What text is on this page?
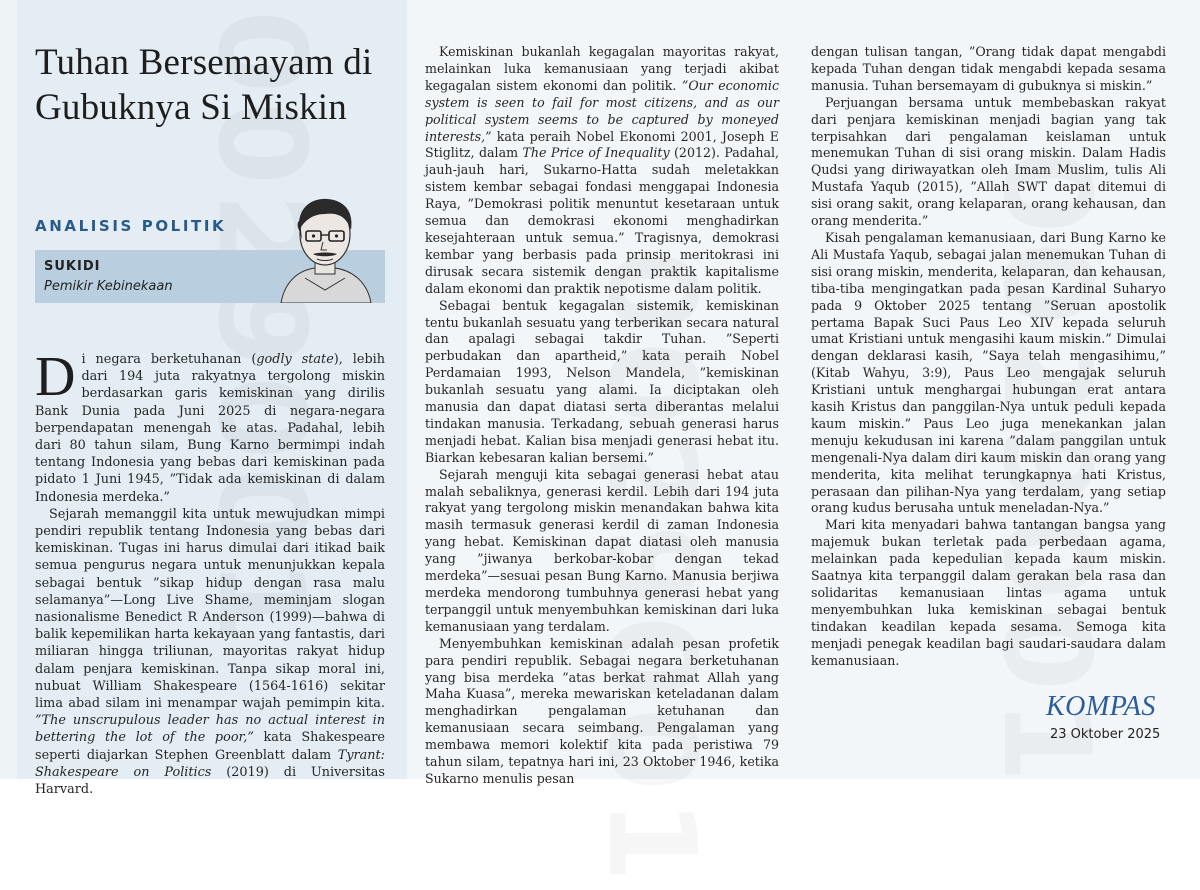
Tuhan Bersemayam di Gubuknya Si Miskin
ANALISIS POLITIK
SUKIDI
Pemikir Kebinekaan

Di negara berketuhanan (godly state), lebih dari 194 juta rakyatnya tergolong miskin berdasarkan garis kemiskinan yang dirilis Bank Dunia pada Juni 2025 di negara-negara berpendapatan menengah ke atas. Padahal, lebih dari 80 tahun silam, Bung Karno bermimpi indah tentang Indonesia yang bebas dari kemiskinan pada pidato 1 Juni 1945, ”Tidak ada kemiskinan di dalam Indonesia merdeka.”

Sejarah memanggil kita untuk mewujudkan mimpi pendiri republik tentang Indonesia yang bebas dari kemiskinan. Tugas ini harus dimulai dari itikad baik semua pengurus negara untuk menunjukkan kepala sebagai bentuk ”sikap hidup dengan rasa malu selamanya”—Long Live Shame, meminjam slogan nasionalisme Benedict R Anderson (1999)—bahwa di balik kepemilikan harta kekayaan yang fantastis, dari miliaran hingga triliunan, mayoritas rakyat hidup dalam penjara kemiskinan. Tanpa sikap moral ini, nubuat William Shakespeare (1564-1616) sekitar lima abad silam ini menampar wajah pemimpin kita. ”The unscrupulous leader has no actual interest in bettering the lot of the poor,” kata Shakespeare seperti diajarkan Stephen Greenblatt dalam Tyrant: Shakespeare on Politics (2019) di Universitas Harvard.

Kemiskinan bukanlah kegagalan mayoritas rakyat, melainkan luka kemanusiaan yang terjadi akibat kegagalan sistem ekonomi dan politik. ”Our economic system is seen to fail for most citizens, and as our political system seems to be captured by moneyed interests,” kata perai̇h Nobel Ekonomi 2001, Joseph E Stiglitz, dalam The Price of Inequality (2012). Padahal, jauh-jauh hari, Sukarno-Hatta sudah meletakkan sistem kembar sebagai fondasi menggapai Indonesia Raya, ”Demokrasi politik menuntut kesetaraan untuk semua dan demokrasi ekonomi menghadirkan kesejahteraan untuk semua.” Tragisnya, demokrasi kembar yang berbasis pada prinsip meritokrasi ini dirusak secara sistemik dengan praktik kapitalisme dalam ekonomi dan praktik nepotisme dalam politik.

Sebagai bentuk kegagalan sistemik, kemiskinan tentu bukanlah sesuatu yang terberikan secara natural dan apalagi sebagai takdir Tuhan. ”Seperti perbudakan dan apartheid,” kata peraih Nobel Perdamaian 1993, Nelson Mandela, ”kemiskinan bukanlah sesuatu yang alami. Ia diciptakan oleh manusia dan dapat diatasi serta diberantas melalui tindakan manusia. Terkadang, sebuah generasi harus menjadi hebat. Kalian bisa menjadi generasi hebat itu. Biarkan kebesaran kalian bersemi.”

Sejarah menguji kita sebagai generasi hebat atau malah sebaliknya, generasi kerdil. Lebih dari 194 juta rakyat yang tergolong miskin menandakan bahwa kita masih termasuk generasi kerdil di zaman Indonesia yang hebat. Kemiskinan dapat diatasi oleh manusia yang ”jiwanya berkobar-kobar dengan tekad merdeka”—sesuai pesan Bung Karno. Manusia berjiwa merdeka mendorong tumbuhnya generasi hebat yang terpanggil untuk menyembuhkan kemiskinan dari luka kemanusiaan yang terdalam.

Menyembuhkan kemiskinan adalah pesan profetik para pendiri republik. Sebagai negara berketuhanan yang bisa merdeka ”atas berkat rahmat Allah yang Maha Kuasa”, mereka mewariskan keteladanan dalam menghadirkan pengalaman ketuhanan dan kemanusiaan secara seimbang. Pengalaman yang membawa memori kolektif kita pada peristiwa 79 tahun silam, tepatnya hari ini, 23 Oktober 1946, ketika Sukarno menulis pesan

dengan tulisan tangan, ”Orang tidak dapat mengabdi kepada Tuhan dengan tidak mengabdi kepada sesama manusia. Tuhan bersemayam di gubuknya si miskin.”

Perjuangan bersama untuk membebaskan rakyat dari penjara kemiskinan menjadi bagian yang tak terpisahkan dari pengalaman keislaman untuk menemukan Tuhan di sisi orang miskin. Dalam Hadis Qudsi yang diriwayatkan oleh Imam Muslim, tulis Ali Mustafa Yaqub (2015), ”Allah SWT dapat ditemui di sisi orang sakit, orang kelaparan, orang kehausan, dan orang menderita.”

Kisah pengalaman kemanusiaan, dari Bung Karno ke Ali Mustafa Yaqub, sebagai jalan menemukan Tuhan di sisi orang miskin, menderita, kelaparan, dan kehausan, tiba-tiba mengingatkan pada pesan Kardinal Suharyo pada 9 Oktober 2025 tentang ”Seruan apostolik pertama Bapak Suci Paus Leo XIV kepada seluruh umat Kristiani untuk mengasihi kaum miskin.” Dimulai dengan deklarasi kasih, ”Saya telah mengasihimu,” (Kitab Wahyu, 3:9), Paus Leo mengajak seluruh Kristiani untuk menghargai hubungan erat antara kasih Kristus dan panggilan-Nya untuk peduli kepada kaum miskin.” Paus Leo juga menekankan jalan menuju kekudusan ini karena ”dalam panggilan untuk mengenali-Nya dalam diri kaum miskin dan orang yang menderita, kita melihat terungkapnya hati Kristus, perasaan dan pilihan-Nya yang terdalam, yang setiap orang kudus berusaha untuk meneladan-Nya.”

Mari kita menyadari bahwa tantangan bangsa yang majemuk bukan terletak pada perbedaan agama, melainkan pada kepedulian kepada kaum miskin. Saatnya kita terpanggil dalam gerakan bela rasa dan solidaritas kemanusiaan lintas agama untuk menyembuhkan luka kemiskinan sebagai bentuk tindakan keadilan kepada sesama. Semoga kita menjadi penegak keadilan bagi saudari-saudara dalam kemanusiaan.

KOMPAS
23 Oktober 2025
